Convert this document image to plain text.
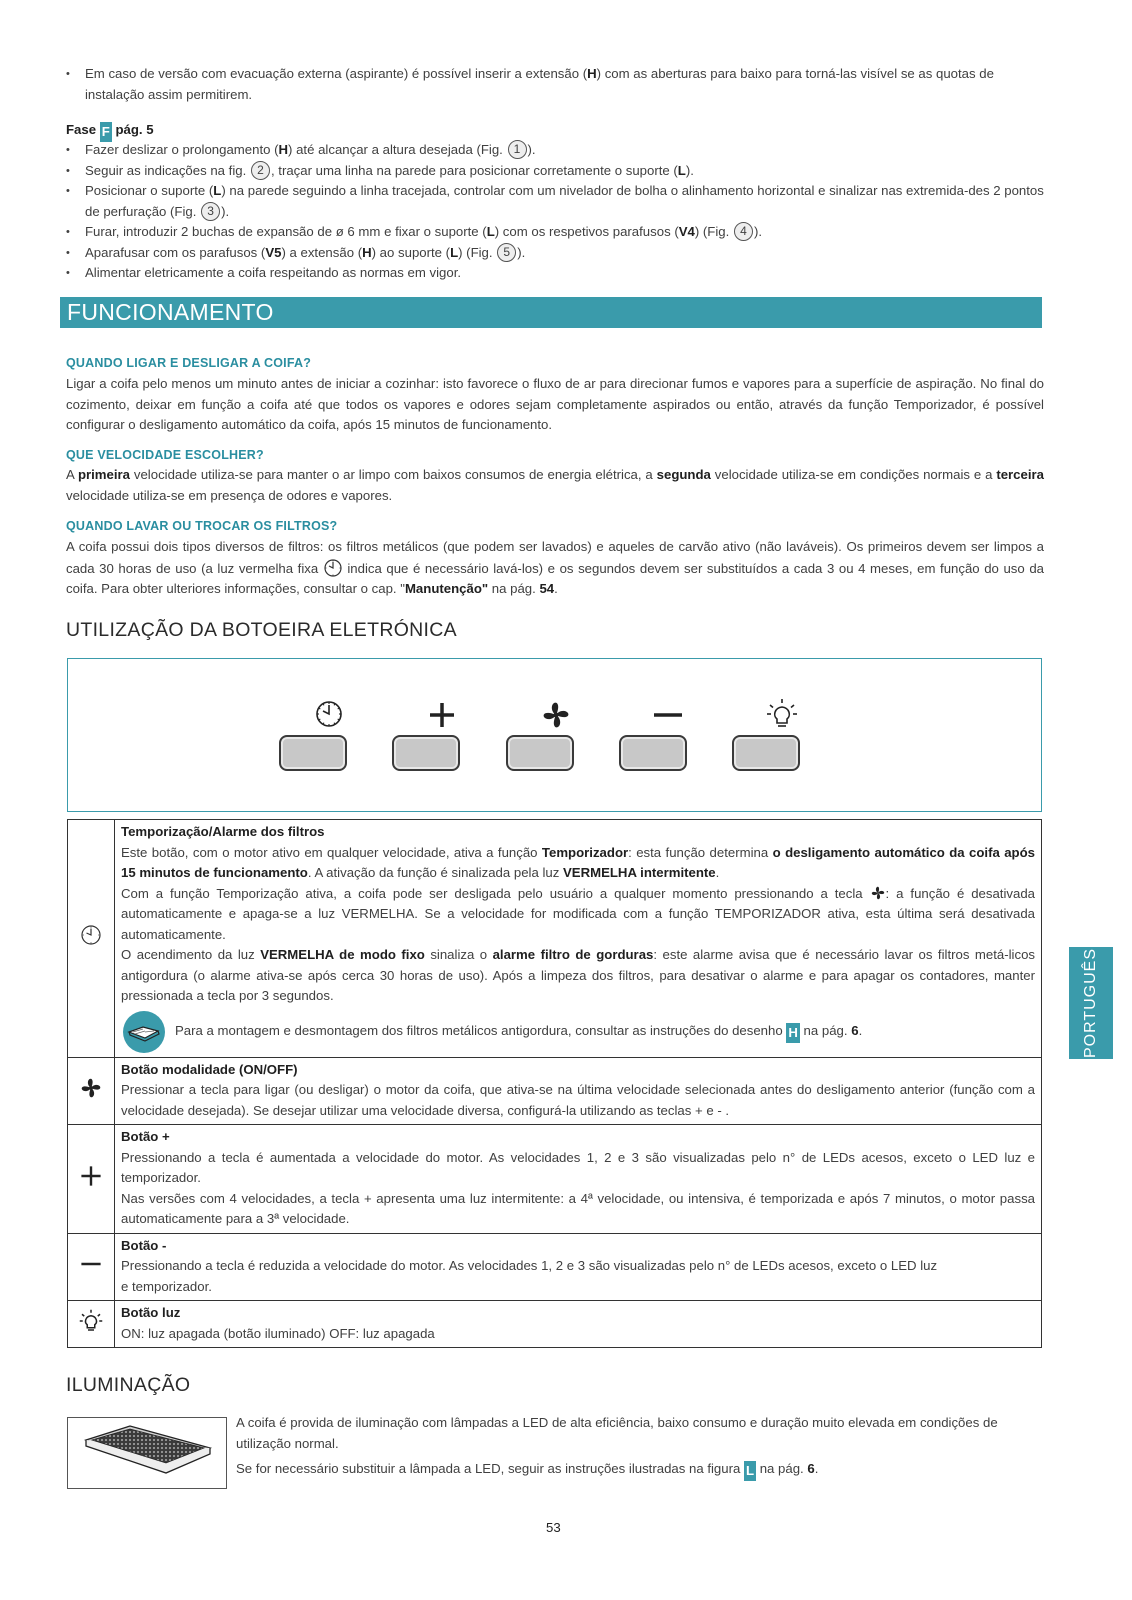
• Em caso de versão com evacuação externa (aspirante) é possível inserir a extensão (H) com as aberturas para baixo para torná-las visível se as quotas de instalação assim permitirem.
Fase F pág. 5
• Fazer deslizar o prolongamento (H) até alcançar a altura desejada (Fig. 1 ).
• Seguir as indicações na fig. 2 , traçar uma linha na parede para posicionar corretamente o suporte (L).
• Posicionar o suporte (L) na parede seguindo a linha tracejada, controlar com um nivelador de bolha o alinhamento horizontal e sinalizar nas extremida-des 2 pontos de perfuração (Fig. 3 ).
• Furar, introduzir 2 buchas de expansão de ø 6 mm e fixar o suporte (L) com os respetivos parafusos (V4) (Fig. 4 ).
• Aparafusar com os parafusos (V5) a extensão (H) ao suporte (L) (Fig. 5 ).
• Alimentar eletricamente a coifa respeitando as normas em vigor.
FUNCIONAMENTO
QUANDO LIGAR E DESLIGAR A COIFA?
Ligar a coifa pelo menos um minuto antes de iniciar a cozinhar: isto favorece o fluxo de ar para direcionar fumos e vapores para a superfície de aspiração. No final do cozimento, deixar em função a coifa até que todos os vapores e odores sejam completamente aspirados ou então, através da função Temporizador, é possível configurar o desligamento automático da coifa, após 15 minutos de funcionamento.
QUE VELOCIDADE ESCOLHER?
A primeira velocidade utiliza-se para manter o ar limpo com baixos consumos de energia elétrica, a segunda velocidade utiliza-se em condições normais e a terceira velocidade utiliza-se em presença de odores e vapores.
QUANDO LAVAR OU TROCAR OS FILTROS?
A coifa possui dois tipos diversos de filtros: os filtros metálicos (que podem ser lavados) e aqueles de carvão ativo (não laváveis). Os primeiros devem ser limpos a cada 30 horas de uso (a luz vermelha fixa  indica que é necessário lavá-los) e os segundos devem ser substituídos a cada 3 ou 4 meses, em função do uso da coifa. Para obter ulteriores informações, consultar o cap. "Manutenção" na pág. 54.
UTILIZAÇÃO DA BOTOEIRA ELETRÓNICA

Temporização/Alarme dos filtros
Este botão, com o motor ativo em qualquer velocidade, ativa a função Temporizador: esta função determina o desligamento automático da coifa após 15 minutos de funcionamento. A ativação da função é sinalizada pela luz VERMELHA intermitente.
Com a função Temporização ativa, a coifa pode ser desligada pelo usuário a qualquer momento pressionando a tecla : a função é desativada automaticamente e apaga-se a luz VERMELHA. Se a velocidade for modificada com a função TEMPORIZADOR ativa, esta última será desativada automaticamente.
O acendimento da luz VERMELHA de modo fixo sinaliza o alarme filtro de gorduras: este alarme avisa que é necessário lavar os filtros metá-licos antigordura (o alarme ativa-se após cerca 30 horas de uso). Após a limpeza dos filtros, para desativar o alarme e para apagar os contadores, manter pressionada a tecla por 3 segundos.
Para a montagem e desmontagem dos filtros metálicos antigordura, consultar as instruções do desenho H na pág. 6.

Botão modalidade (ON/OFF)
Pressionar a tecla para ligar (ou desligar) o motor da coifa, que ativa-se na última velocidade selecionada antes do desligamento anterior (função com a velocidade desejada). Se desejar utilizar uma velocidade diversa, configurá-la utilizando as teclas + e - .

Botão +
Pressionando a tecla é aumentada a velocidade do motor. As velocidades 1, 2 e 3 são visualizadas pelo n° de LEDs acesos, exceto o LED luz e temporizador.
Nas versões com 4 velocidades, a tecla + apresenta uma luz intermitente: a 4ª velocidade, ou intensiva, é temporizada e após 7 minutos, o motor passa automaticamente para a 3ª velocidade.

Botão -
Pressionando a tecla é reduzida a velocidade do motor. As velocidades 1, 2 e 3 são visualizadas pelo n° de LEDs acesos, exceto o LED luz e temporizador.

Botão luz
ON: luz apagada (botão iluminado) OFF: luz apagada
PORTUGUÊS
ILUMINAÇÃO
A coifa é provida de iluminação com lâmpadas a LED de alta eficiência, baixo consumo e duração muito elevada em condições de utilização normal.
Se for necessário substituir a lâmpada a LED, seguir as instruções ilustradas na figura L na pág. 6.
53
